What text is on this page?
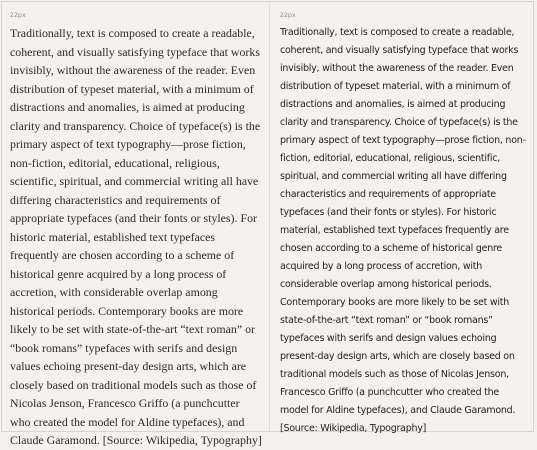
22px

Traditionally, text is composed to create a readable, coherent, and visually satisfying typeface that works invisibly, without the awareness of the reader. Even distribution of typeset material, with a minimum of distractions and anomalies, is aimed at producing clarity and transparency. Choice of typeface(s) is the primary aspect of text typography—prose fiction, non-fiction, editorial, educational, religious, scientific, spiritual, and commercial writing all have differing characteristics and requirements of appropriate typefaces (and their fonts or styles). For historic material, established text typefaces frequently are chosen according to a scheme of historical genre acquired by a long process of accretion, with considerable overlap among historical periods. Contemporary books are more likely to be set with state-of-the-art “text roman” or “book romans” typefaces with serifs and design values echoing present-day design arts, which are closely based on traditional models such as those of Nicolas Jenson, Francesco Griffo (a punchcutter who created the model for Aldine typefaces), and Claude Garamond. [Source: Wikipedia, Typography]

22px

Traditionally, text is composed to create a readable, coherent, and visually satisfying typeface that works invisibly, without the awareness of the reader. Even distribution of typeset material, with a minimum of distractions and anomalies, is aimed at producing clarity and transparency. Choice of typeface(s) is the primary aspect of text typography—prose fiction, non-fiction, editorial, educational, religious, scientific, spiritual, and commercial writing all have differing characteristics and requirements of appropriate typefaces (and their fonts or styles). For historic material, established text typefaces frequently are chosen according to a scheme of historical genre acquired by a long process of accretion, with considerable overlap among historical periods. Contemporary books are more likely to be set with state-of-the-art “text roman” or “book romans” typefaces with serifs and design values echoing present-day design arts, which are closely based on traditional models such as those of Nicolas Jenson, Francesco Griffo (a punchcutter who created the model for Aldine typefaces), and Claude Garamond. [Source: Wikipedia, Typography]
